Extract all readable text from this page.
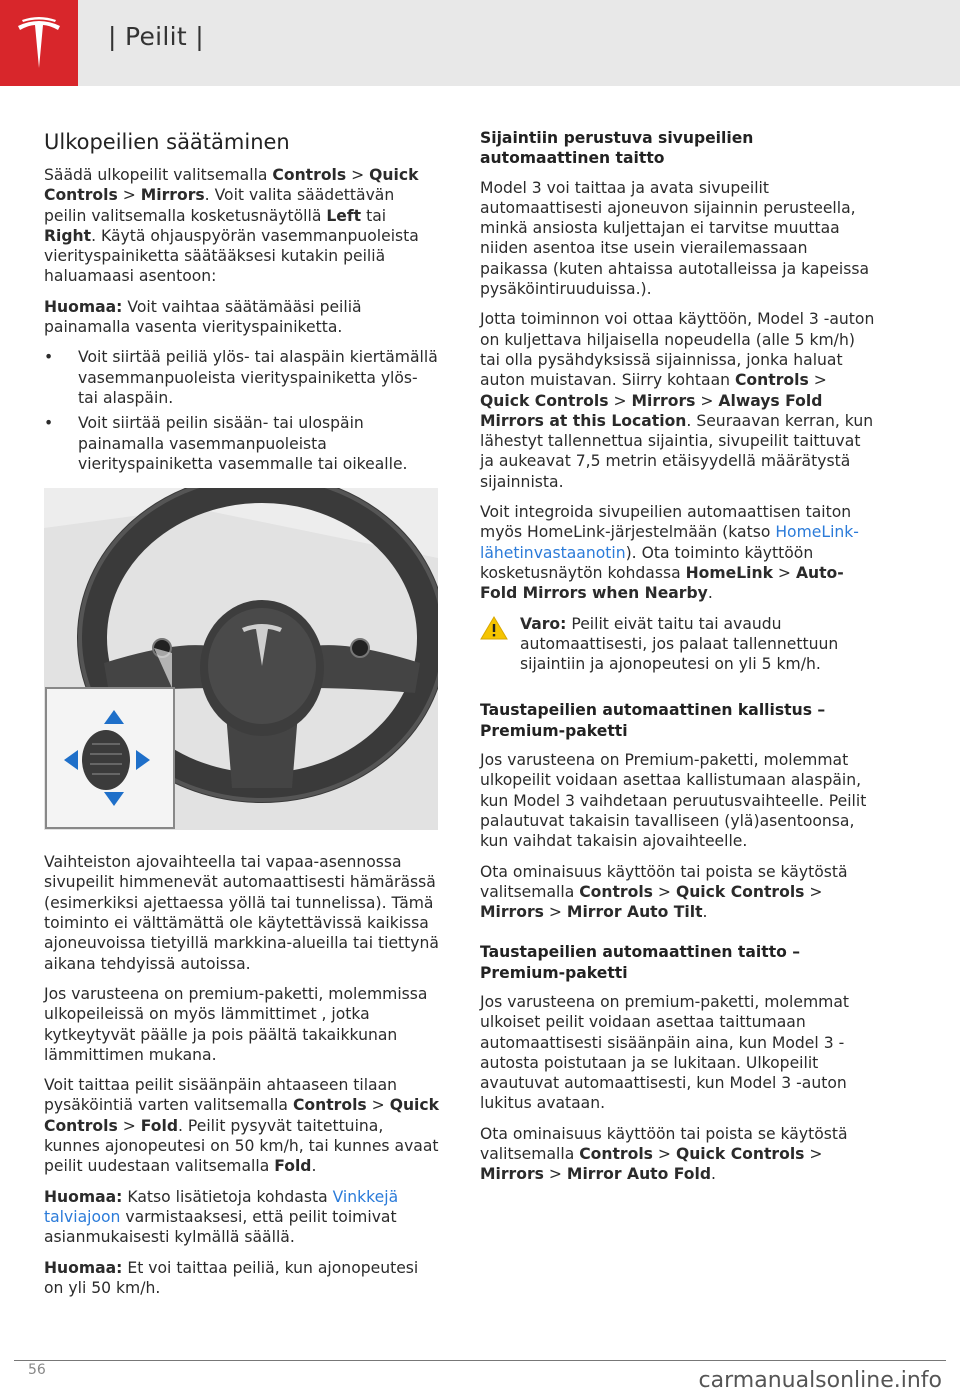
| Peilit |
Ulkopeilien säätäminen

Säädä ulkopeilit valitsemalla Controls > Quick Controls > Mirrors. Voit valita säädettävän peilin valitsemalla kosketusnäytöllä Left tai Right. Käytä ohjauspyörän vasemmanpuoleista vierityspainiketta säätääksesi kutakin peiliä haluamaasi asentoon:

Huomaa: Voit vaihtaa säätämääsi peiliä painamalla vasenta vierityspainiketta.

• Voit siirtää peiliä ylös- tai alaspäin kiertämällä vasemmanpuoleista vierityspainiketta ylös- tai alaspäin.
• Voit siirtää peilin sisään- tai ulospäin painamalla vasemmanpuoleista vierityspainiketta vasemmalle tai oikealle.

Vaihteiston ajovaihteella tai vapaa-asennossa sivupeilit himmenevät automaattisesti hämärässä (esimerkiksi ajettaessa yöllä tai tunnelissa). Tämä toiminto ei välttämättä ole käytettävissä kaikissa ajoneuvoissa tietyillä markkina-alueilla tai tiettynä aikana tehdyissä autoissa.

Jos varusteena on premium-paketti, molemmissa ulkopeileissä on myös lämmittimet , jotka kytkeytyvät päälle ja pois päältä takaikkunan lämmittimen mukana.

Voit taittaa peilit sisäänpäin ahtaaseen tilaan pysäköintiä varten valitsemalla Controls > Quick Controls > Fold. Peilit pysyvät taitettuina, kunnes ajonopeutesi on 50 km/h, tai kunnes avaat peilit uudestaan valitsemalla Fold.

Huomaa: Katso lisätietoja kohdasta Vinkkejä talviajoon varmistaaksesi, että peilit toimivat asianmukaisesti kylmällä säällä.

Huomaa: Et voi taittaa peiliä, kun ajonopeutesi on yli 50 km/h.

Sijaintiin perustuva sivupeilien automaattinen taitto

Model 3 voi taittaa ja avata sivupeilit automaattisesti ajoneuvon sijainnin perusteella, minkä ansiosta kuljettajan ei tarvitse muuttaa niiden asentoa itse usein vierailemassaan paikassa (kuten ahtaissa autotalleissa ja kapeissa pysäköintiruuduissa.).

Jotta toiminnon voi ottaa käyttöön, Model 3 -auton on kuljettava hiljaisella nopeudella (alle 5 km/h) tai olla pysähdyksissä sijainnissa, jonka haluat auton muistavan. Siirry kohtaan Controls > Quick Controls > Mirrors > Always Fold Mirrors at this Location. Seuraavan kerran, kun lähestyt tallennettua sijaintia, sivupeilit taittuvat ja aukeavat 7,5 metrin etäisyydellä määrätystä sijainnista.

Voit integroida sivupeilien automaattisen taiton myös HomeLink-järjestelmään (katso HomeLink-lähetinvastaanotin). Ota toiminto käyttöön kosketusnäytön kohdassa HomeLink > Auto-Fold Mirrors when Nearby.

Varo: Peilit eivät taitu tai avaudu automaattisesti, jos palaat tallennettuun sijaintiin ja ajonopeutesi on yli 5 km/h.
Taustapeilien automaattinen kallistus – Premium-paketti

Jos varusteena on Premium-paketti, molemmat ulkopeilit voidaan asettaa kallistumaan alaspäin, kun Model 3 vaihdetaan peruutusvaihteelle. Peilit palautuvat takaisin tavalliseen (ylä)asentoonsa, kun vaihdat takaisin ajovaihteelle.

Ota ominaisuus käyttöön tai poista se käytöstä valitsemalla Controls > Quick Controls > Mirrors > Mirror Auto Tilt.

Taustapeilien automaattinen taitto – Premium-paketti

Jos varusteena on premium-paketti, molemmat ulkoiset peilit voidaan asettaa taittumaan automaattisesti sisäänpäin aina, kun Model 3 -autosta poistutaan ja se lukitaan. Ulkopeilit avautuvat automaattisesti, kun Model 3 -auton lukitus avataan.

Ota ominaisuus käyttöön tai poista se käytöstä valitsemalla Controls > Quick Controls > Mirrors > Mirror Auto Fold.

56	carmanualsonline.info
